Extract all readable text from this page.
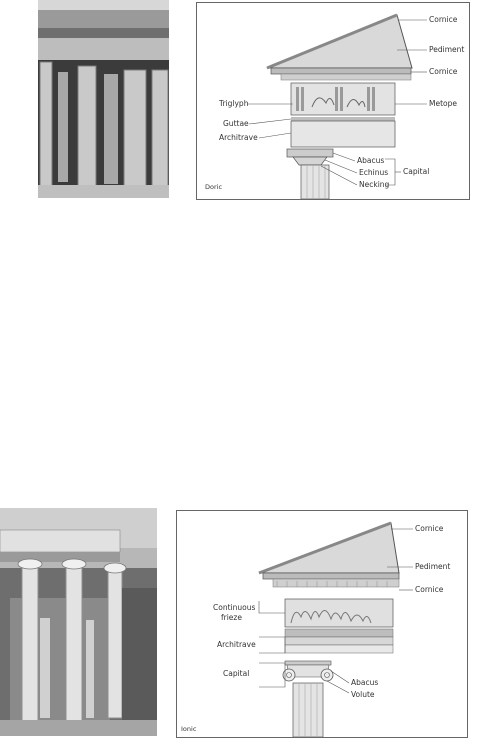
Cornice
Pediment
Cornice
Triglyph	Metope
Guttae
Architrave
Abacus
Echinus
Necking
Capital
Doric
Cornice
Pediment
Cornice
Continuous
frieze
Architrave
Capital
Abacus
Volute
Ionic
